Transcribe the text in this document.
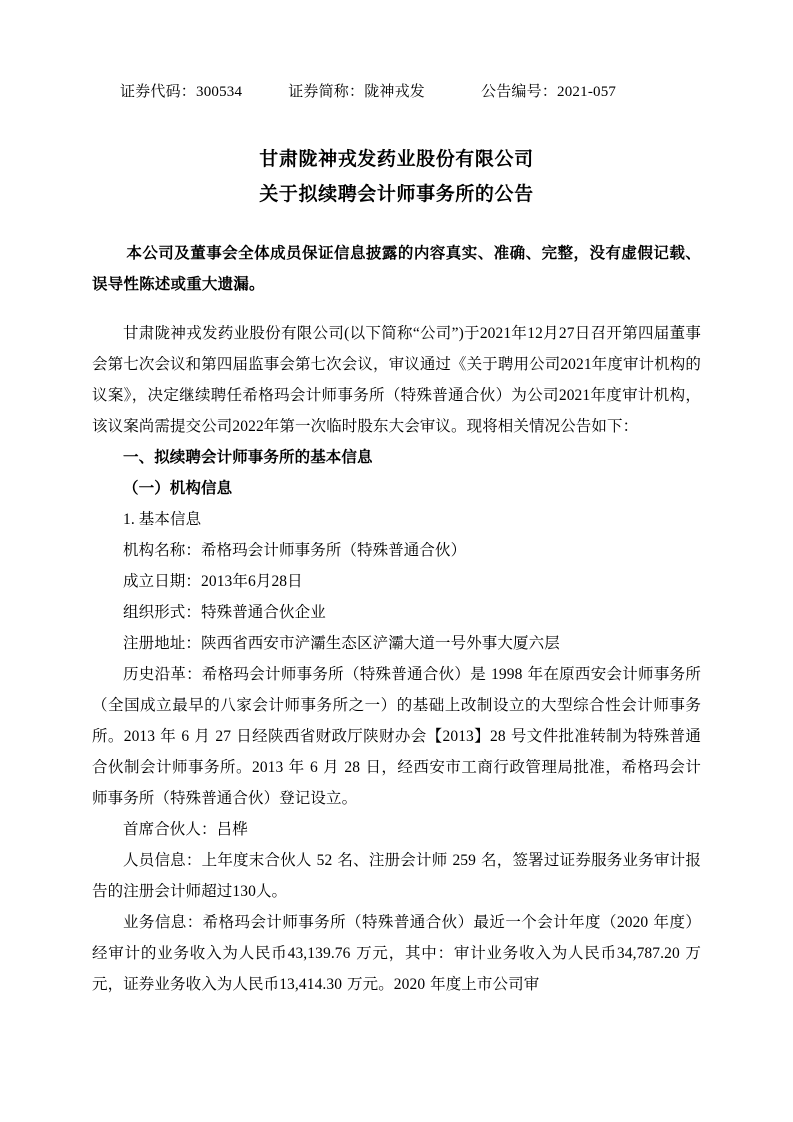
证券代码：300534	证券简称：陇神戎发	公告编号：2021-057
甘肃陇神戎发药业股份有限公司
关于拟续聘会计师事务所的公告
本公司及董事会全体成员保证信息披露的内容真实、准确、完整，没有虚假记载、误导性陈述或重大遗漏。

甘肃陇神戎发药业股份有限公司(以下简称“公司”)于2021年12月27日召开第四届董事会第七次会议和第四届监事会第七次会议，审议通过《关于聘用公司2021年度审计机构的议案》，决定继续聘任希格玛会计师事务所（特殊普通合伙）为公司2021年度审计机构，该议案尚需提交公司2022年第一次临时股东大会审议。现将相关情况公告如下：

一、拟续聘会计师事务所的基本信息

（一）机构信息

1. 基本信息

机构名称：希格玛会计师事务所（特殊普通合伙）

成立日期：2013年6月28日

组织形式：特殊普通合伙企业

注册地址：陕西省西安市浐灞生态区浐灞大道一号外事大厦六层

历史沿革：希格玛会计师事务所（特殊普通合伙）是 1998 年在原西安会计师事务所（全国成立最早的八家会计师事务所之一）的基础上改制设立的大型综合性会计师事务所。2013 年 6 月 27 日经陕西省财政厅陕财办会【2013】28 号文件批准转制为特殊普通合伙制会计师事务所。2013 年 6 月 28 日，经西安市工商行政管理局批准，希格玛会计师事务所（特殊普通合伙）登记设立。

首席合伙人：吕桦

人员信息：上年度末合伙人 52 名、注册会计师 259 名，签署过证券服务业务审计报告的注册会计师超过130人。

业务信息：希格玛会计师事务所（特殊普通合伙）最近一个会计年度（2020 年度）经审计的业务收入为人民币43,139.76 万元，其中：审计业务收入为人民币34,787.20 万元，证券业务收入为人民币13,414.30 万元。2020 年度上市公司审
